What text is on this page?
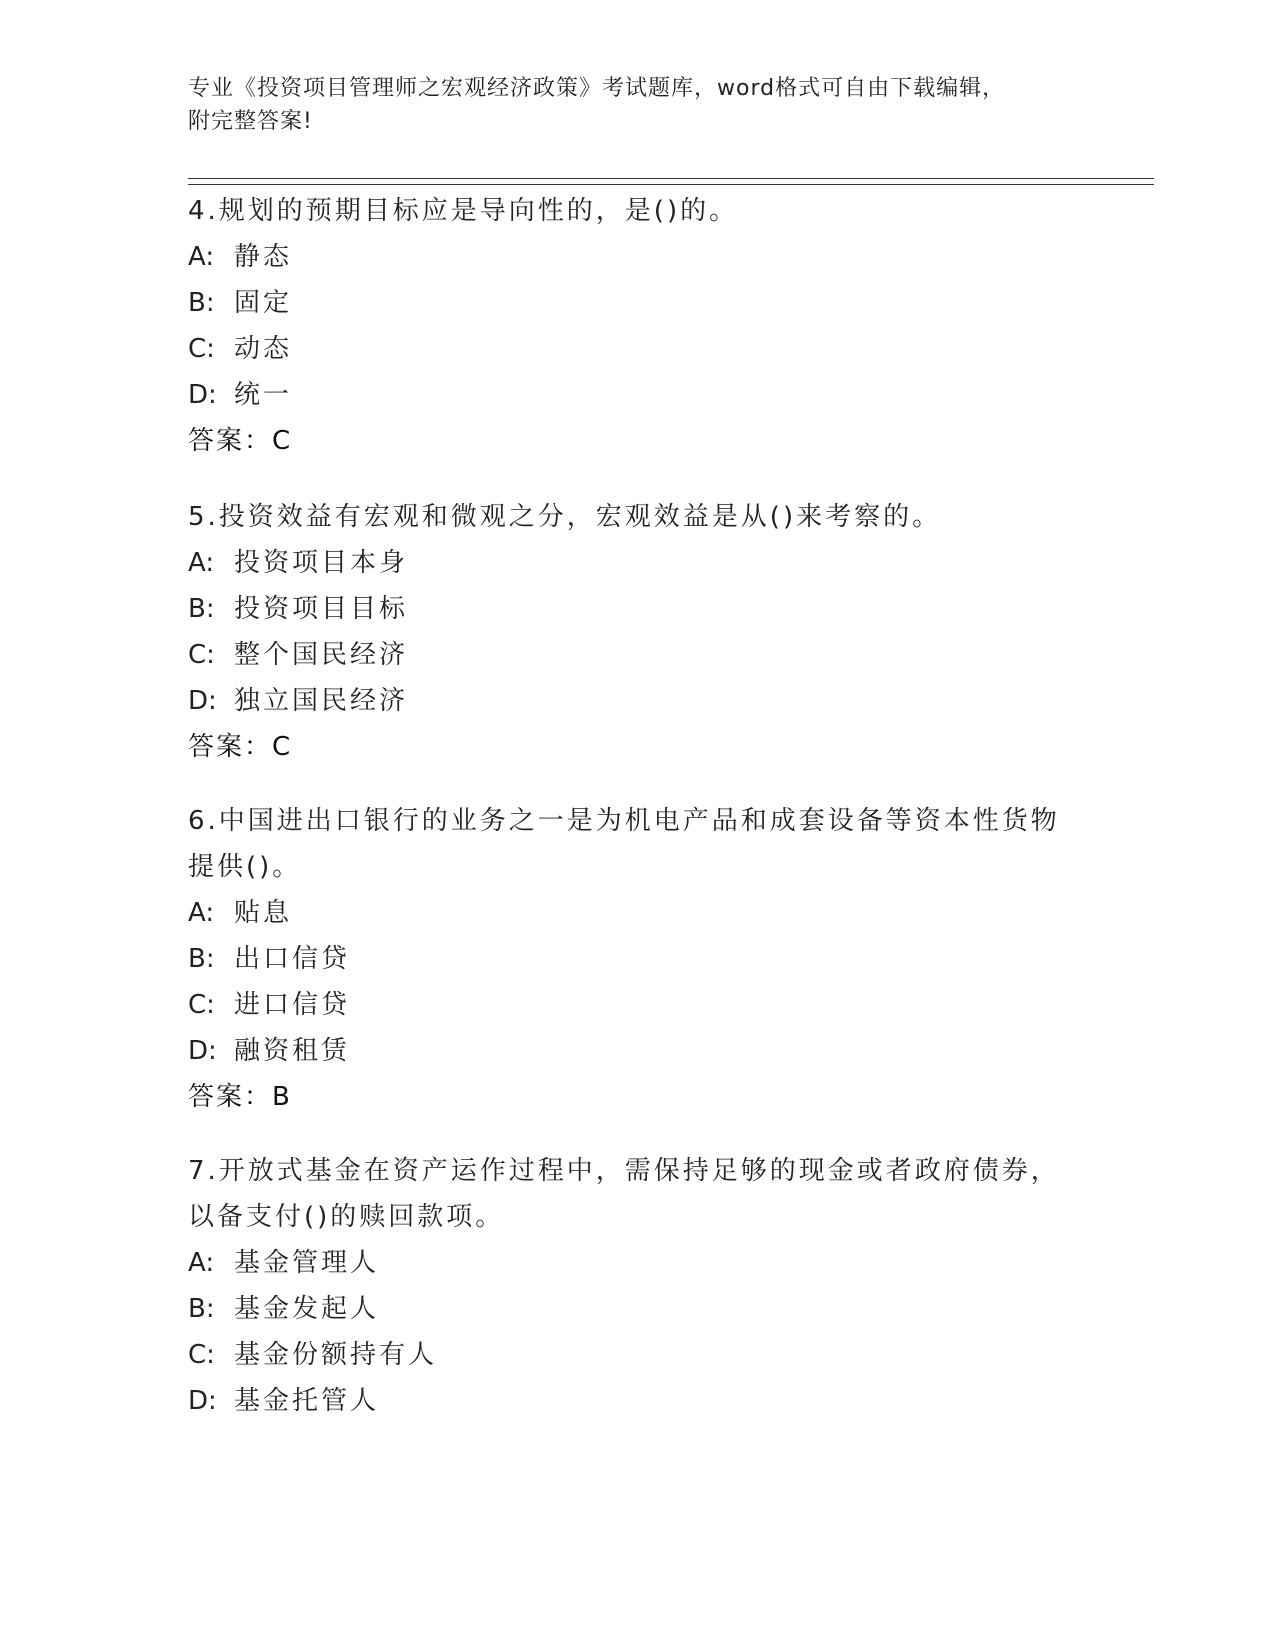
专业《投资项目管理师之宏观经济政策》考试题库，word格式可自由下载编辑，
附完整答案!
4.规划的预期目标应是导向性的，是()的。
A: 静态
B: 固定
C: 动态
D: 统一
答案：C
5.投资效益有宏观和微观之分，宏观效益是从()来考察的。
A: 投资项目本身
B: 投资项目目标
C: 整个国民经济
D: 独立国民经济
答案：C
6.中国进出口银行的业务之一是为机电产品和成套设备等资本性货物
提供()。
A: 贴息
B: 出口信贷
C: 进口信贷
D: 融资租赁
答案：B
7.开放式基金在资产运作过程中，需保持足够的现金或者政府债券，
以备支付()的赎回款项。
A: 基金管理人
B: 基金发起人
C: 基金份额持有人
D: 基金托管人
